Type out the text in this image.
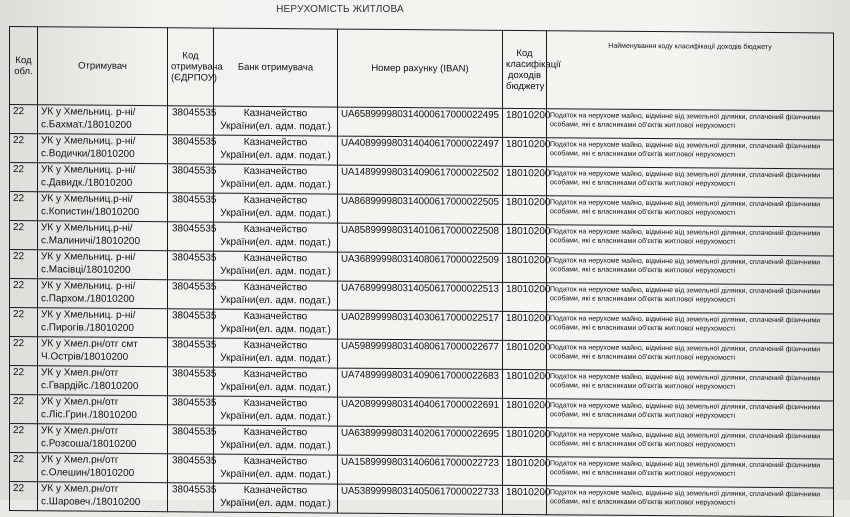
НЕРУХОМІСТЬ ЖИТЛОВА
Код обл.	Отримувач	Код отримувача (ЄДРПОУ)	Банк отримувача	Номер рахунку (IBAN)	Код класифікації доходів бюджету	Найменування коду класифікації доходів бюджету
22	УК у Хмельниц. р-ні/с.Бахмат./18010200	38045535	Казначейство України(ел. адм. подат.)	UA658999980314000617000022495	18010200	Податок на нерухоме майно, відмінне від земельної ділянки, сплачений фізичними особами, які є власниками об'єктів житлової нерухомості
22	УК у Хмельниц. р-ні/с.Водички/18010200	38045535	Казначейство України(ел. адм. подат.)	UA408999980314040617000022497	18010200	Податок на нерухоме майно, відмінне від земельної ділянки, сплачений фізичними особами, які є власниками об'єктів житлової нерухомості
22	УК у Хмельниц. р-ні/с.Давидк./18010200	38045535	Казначейство України(ел. адм. подат.)	UA148999980314090617000022502	18010200	Податок на нерухоме майно, відмінне від земельної ділянки, сплачений фізичними особами, які є власниками об'єктів житлової нерухомості
22	УК у Хмельниц.р-ні/с.Копистин/18010200	38045535	Казначейство України(ел. адм. подат.)	UA868999980314000617000022505	18010200	Податок на нерухоме майно, відмінне від земельної ділянки, сплачений фізичними особами, які є власниками об'єктів житлової нерухомості
22	УК у Хмельниц.р-ні/с.Малиничі/18010200	38045535	Казначейство України(ел. адм. подат.)	UA858999980314010617000022508	18010200	Податок на нерухоме майно, відмінне від земельної ділянки, сплачений фізичними особами, які є власниками об'єктів житлової нерухомості
22	УК у Хмельниц. р-ні/с.Масівці/18010200	38045535	Казначейство України(ел. адм. подат.)	UA368999980314080617000022509	18010200	Податок на нерухоме майно, відмінне від земельної ділянки, сплачений фізичними особами, які є власниками об'єктів житлової нерухомості
22	УК у Хмельниц. р-ні/с.Пархом./18010200	38045535	Казначейство України(ел. адм. подат.)	UA768999980314050617000022513	18010200	Податок на нерухоме майно, відмінне від земельної ділянки, сплачений фізичними особами, які є власниками об'єктів житлової нерухомості
22	УК у Хмельниц. р-ні/с.Пирогів./18010200	38045535	Казначейство України(ел. адм. подат.)	UA028999980314030617000022517	18010200	Податок на нерухоме майно, відмінне від земельної ділянки, сплачений фізичними особами, які є власниками об'єктів житлової нерухомості
22	УК у Хмел.рн/отг смт Ч.Острів/18010200	38045535	Казначейство України(ел. адм. подат.)	UA598999980314080617000022677	18010200	Податок на нерухоме майно, відмінне від земельної ділянки, сплачений фізичними особами, які є власниками об'єктів житлової нерухомості
22	УК у Хмел.рн/отг с.Гвардійс./18010200	38045535	Казначейство України(ел. адм. подат.)	UA748999980314090617000022683	18010200	Податок на нерухоме майно, відмінне від земельної ділянки, сплачений фізичними особами, які є власниками об'єктів житлової нерухомості
22	УК у Хмел.рн/отг с.Ліс.Грин./18010200	38045535	Казначейство України(ел. адм. подат.)	UA208999980314040617000022691	18010200	Податок на нерухоме майно, відмінне від земельної ділянки, сплачений фізичними особами, які є власниками об'єктів житлової нерухомості
22	УК у Хмел.рн/отг с.Розсоша/18010200	38045535	Казначейство України(ел. адм. подат.)	UA638999980314020617000022695	18010200	Податок на нерухоме майно, відмінне від земельної ділянки, сплачений фізичними особами, які є власниками об'єктів житлової нерухомості
22	УК у Хмел.рн/отг с.Олешин/18010200	38045535	Казначейство України(ел. адм. подат.)	UA158999980314060617000022723	18010200	Податок на нерухоме майно, відмінне від земельної ділянки, сплачений фізичними особами, які є власниками об'єктів житлової нерухомості
22	УК у Хмел.рн/отг с.Шаровеч./18010200	38045535	Казначейство України(ел. адм. подат.)	UA538999980314050617000022733	18010200	Податок на нерухоме майно, відмінне від земельної ділянки, сплачений фізичними особами, які є власниками об'єктів житлової нерухомості
